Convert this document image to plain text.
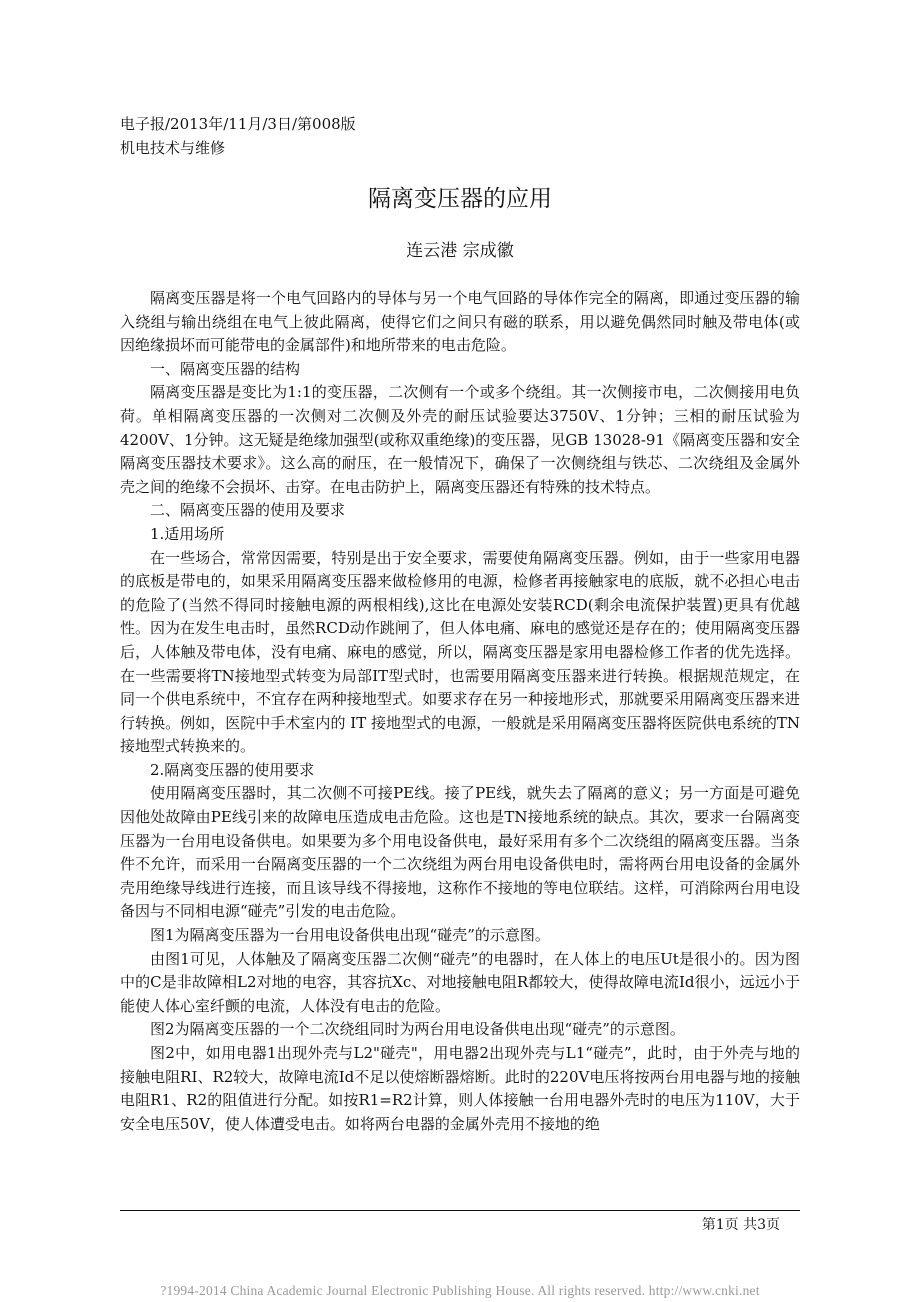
电子报/2013年/11月/3日/第008版
机电技术与维修
隔离变压器的应用
连云港 宗成徽

隔离变压器是将一个电气回路内的导体与另一个电气回路的导体作完全的隔离，即通过变压器的输入绕组与输出绕组在电气上彼此隔离，使得它们之间只有磁的联系，用以避免偶然同时触及带电体(或因绝缘损坏而可能带电的金属部件)和地所带来的电击危险。

一、隔离变压器的结构

隔离变压器是变比为1:1的变压器，二次侧有一个或多个绕组。其一次侧接市电，二次侧接用电负荷。单相隔离变压器的一次侧对二次侧及外壳的耐压试验要达3750V、1分钟；三相的耐压试验为4200V、1分钟。这无疑是绝缘加强型(或称双重绝缘)的变压器，见GB 13028-91《隔离变压器和安全隔离变压器技术要求》。这么高的耐压，在一般情况下，确保了一次侧绕组与铁芯、二次绕组及金属外壳之间的绝缘不会损坏、击穿。在电击防护上，隔离变压器还有特殊的技术特点。

二、隔离变压器的使用及要求

1.适用场所

在一些场合，常常因需要，特别是出于安全要求，需要使角隔离变压器。例如，由于一些家用电器的底板是带电的，如果采用隔离变压器来做检修用的电源，检修者再接触家电的底版，就不必担心电击的危险了(当然不得同时接触电源的两根相线),这比在电源处安装RCD(剩余电流保护装置)更具有优越性。因为在发生电击时，虽然RCD动作跳闸了，但人体电痛、麻电的感觉还是存在的；使用隔离变压器后，人体触及带电体，没有电痛、麻电的感觉，所以，隔离变压器是家用电器检修工作者的优先选择。在一些需要将TN接地型式转变为局部IT型式时，也需要用隔离变压器来进行转换。根据规范规定，在同一个供电系统中，不宜存在两种接地型式。如要求存在另一种接地形式，那就要采用隔离变压器来进行转换。例如，医院中手术室内的 IT 接地型式的电源，一般就是采用隔离变压器将医院供电系统的TN接地型式转换来的。

2.隔离变压器的使用要求

使用隔离变压器时，其二次侧不可接PE线。接了PE线，就失去了隔离的意义；另一方面是可避免因他处故障由PE线引来的故障电压造成电击危险。这也是TN接地系统的缺点。其次，要求一台隔离变压器为一台用电设备供电。如果要为多个用电设备供电，最好采用有多个二次绕组的隔离变压器。当条件不允许，而采用一台隔离变压器的一个二次绕组为两台用电设备供电时，需将两台用电设备的金属外壳用绝缘导线进行连接，而且该导线不得接地，这称作不接地的等电位联结。这样，可消除两台用电设备因与不同相电源“碰壳”引发的电击危险。

图1为隔离变压器为一台用电设备供电出现“碰壳”的示意图。

由图1可见，人体触及了隔离变压器二次侧“碰壳”的电器时，在人体上的电压Ut是很小的。因为图中的C是非故障相L2对地的电容，其容抗Xc、对地接触电阻R都较大，使得故障电流Id很小，远远小于能使人体心室纤颤的电流，人体没有电击的危险。

图2为隔离变压器的一个二次绕组同时为两台用电设备供电出现“碰壳”的示意图。

图2中，如用电器1出现外壳与L2"碰壳"，用电器2出现外壳与L1“碰壳”，此时，由于外壳与地的接触电阻RI、R2较大，故障电流Id不足以使熔断器熔断。此时的220V电压将按两台用电器与地的接触电阻R1、R2的阻值进行分配。如按R1=R2计算，则人体接触一台用电器外壳时的电压为110V，大于安全电压50V，使人体遭受电击。如将两台电器的金属外壳用不接地的绝

第1页 共3页
?1994-2014 China Academic Journal Electronic Publishing House. All rights reserved. http://www.cnki.net
